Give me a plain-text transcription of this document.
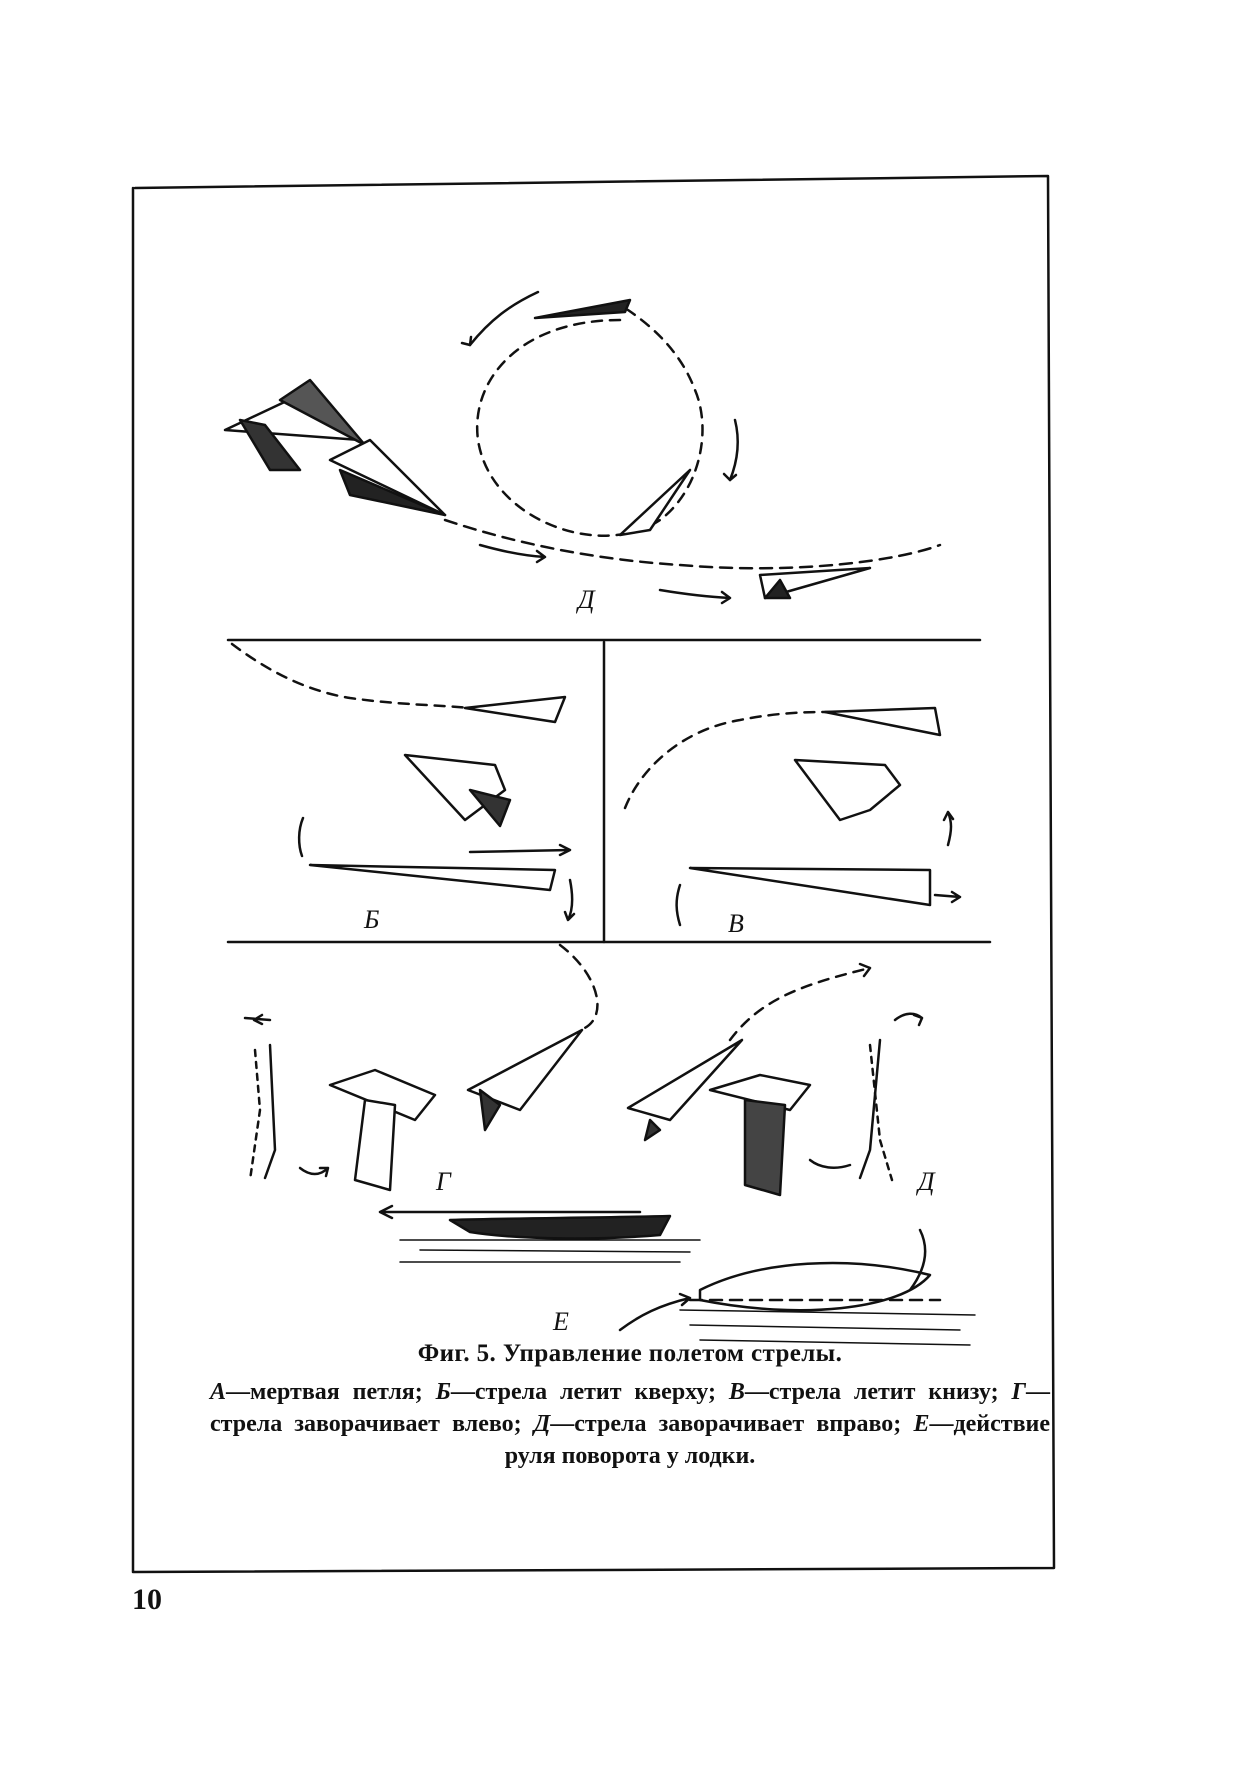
Д
Б	В
Г	Д
Е
Фиг. 5. Управление полетом стрелы.
А—мертвая петля; Б—стрела летит кверху; В—стрела летит книзу; Г—стрела заворачивает влево; Д—стрела заворачивает вправо; Е—действие руля поворота у лодки.
10
